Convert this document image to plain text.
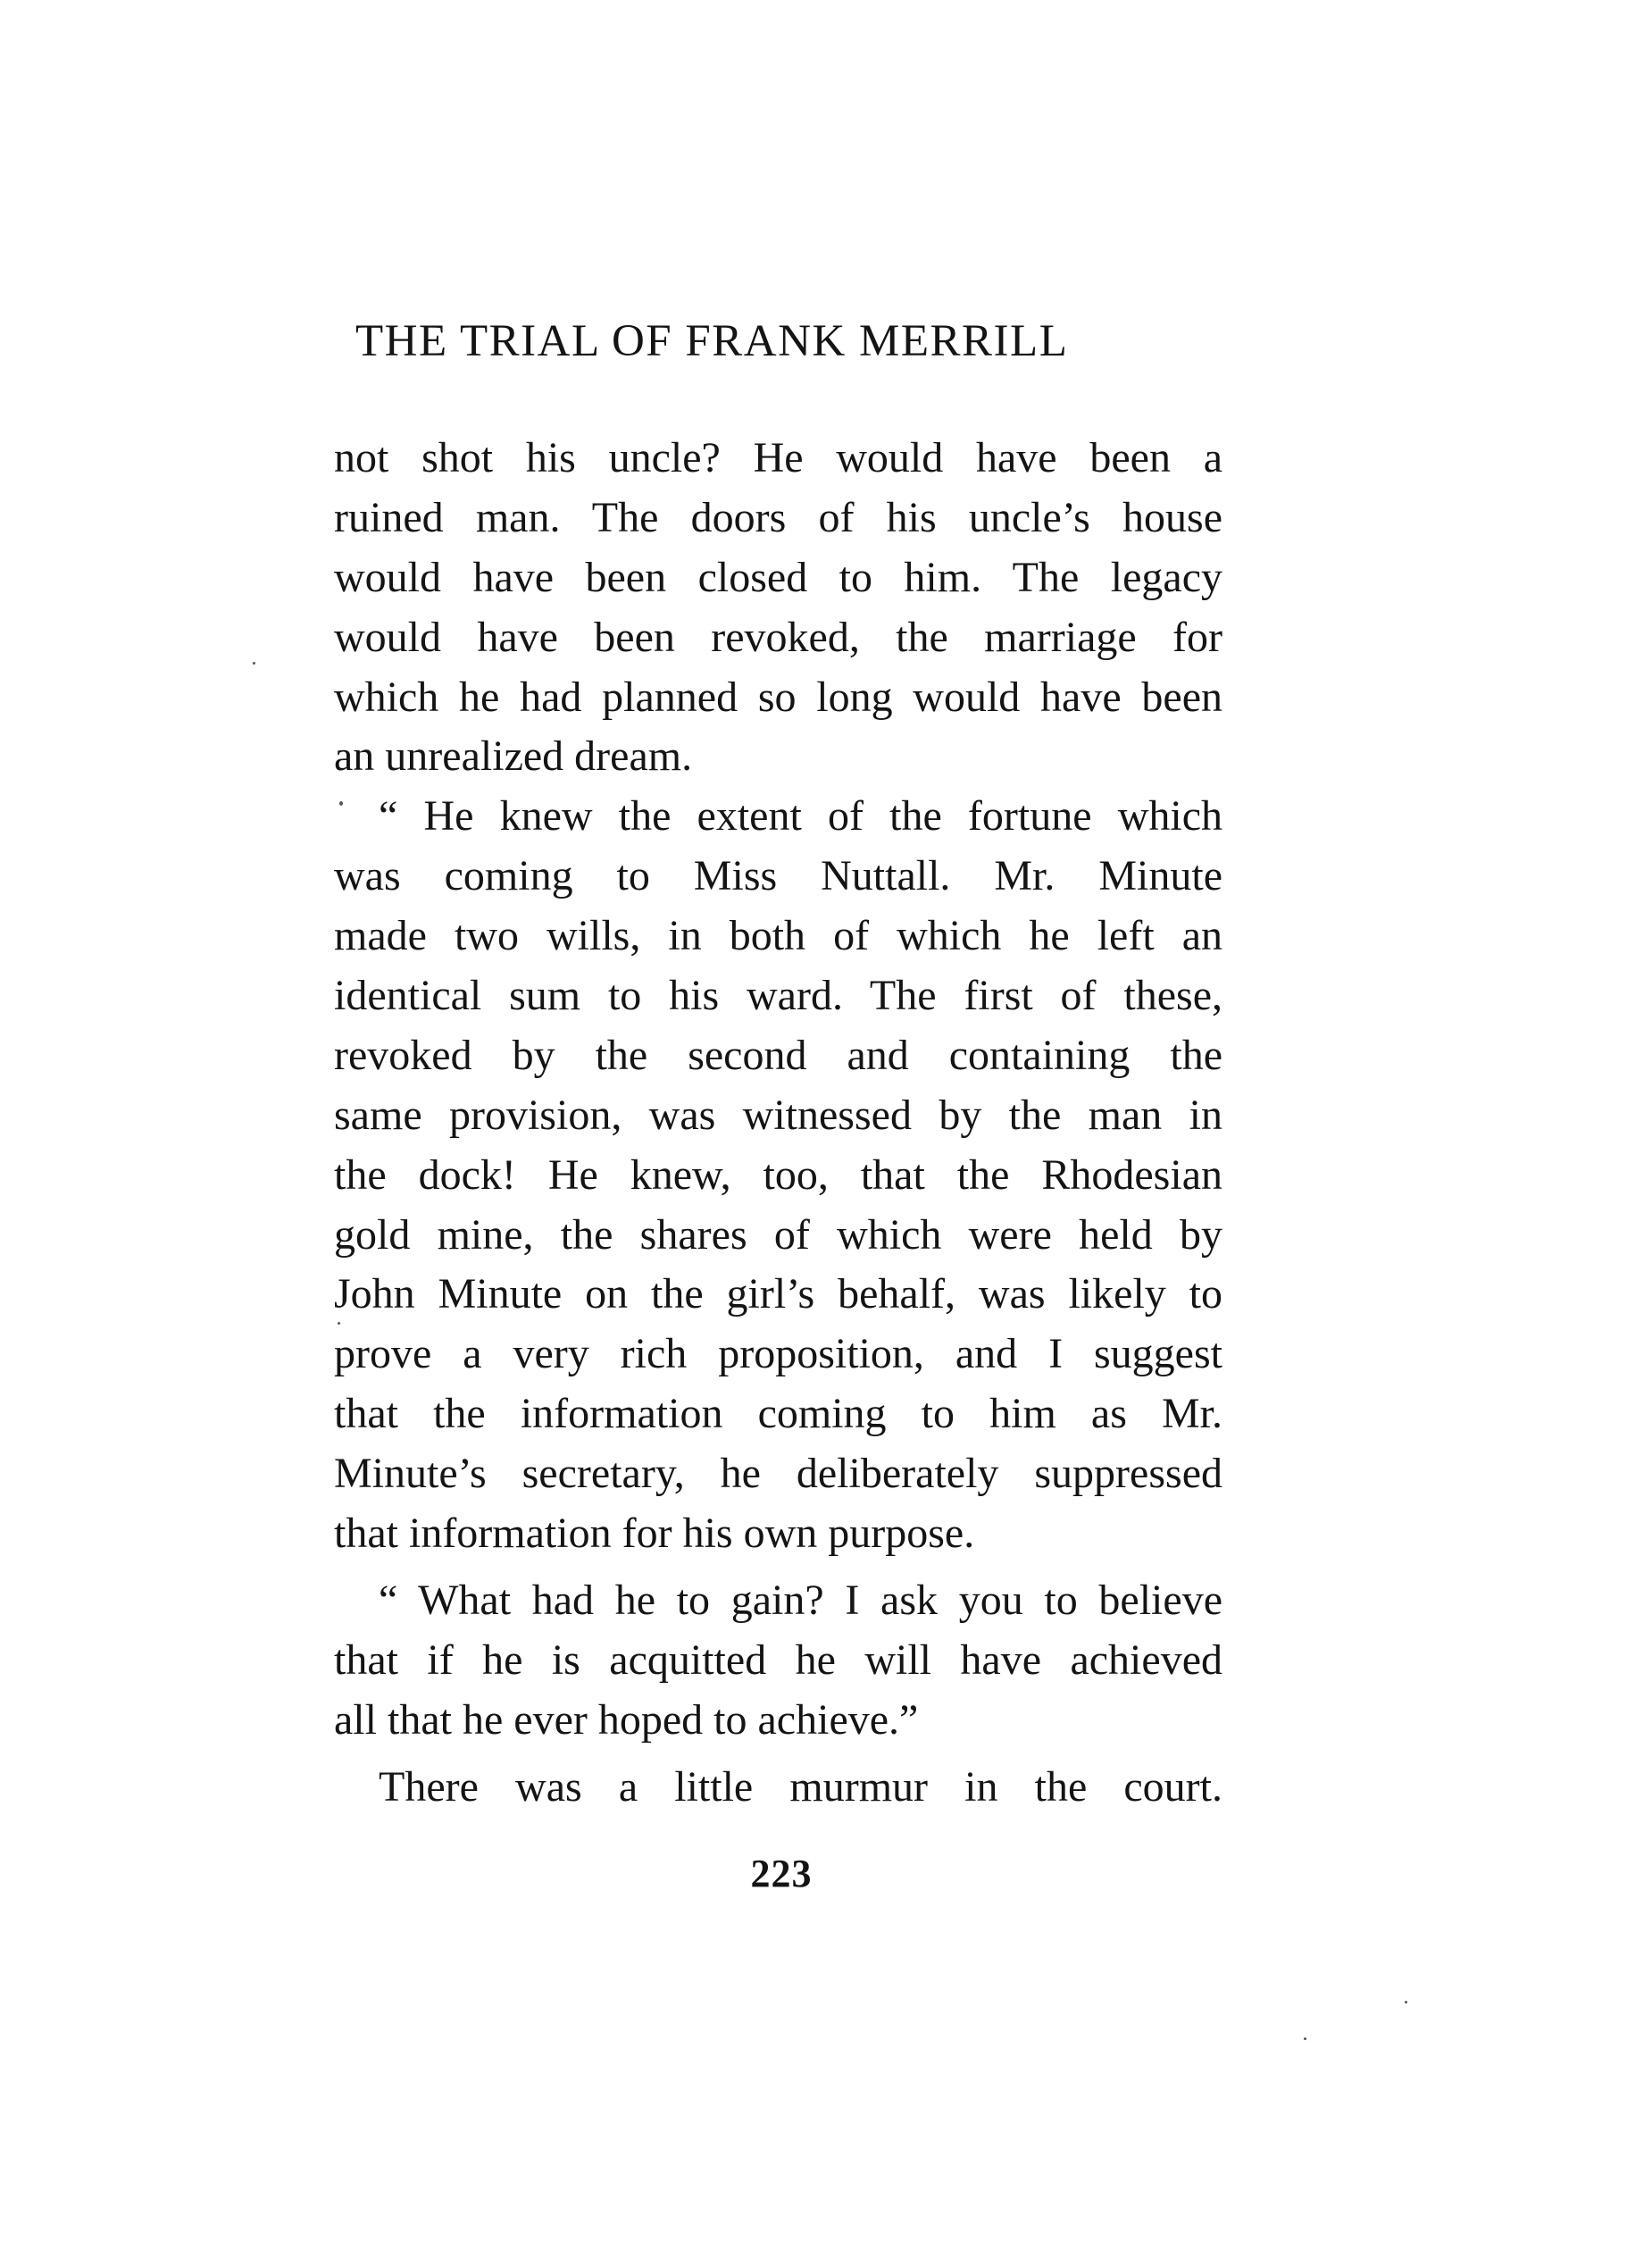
THE TRIAL OF FRANK MERRILL
not shot his uncle? He would have been a
ruined man. The doors of his uncle’s house
would have been closed to him. The legacy
would have been revoked, the marriage for
which he had planned so long would have been
an unrealized dream.
“ He knew the extent of the fortune which
was coming to Miss Nuttall. Mr. Minute
made two wills, in both of which he left an
identical sum to his ward. The first of these,
revoked by the second and containing the
same provision, was witnessed by the man in
the dock! He knew, too, that the Rhodesian
gold mine, the shares of which were held by
John Minute on the girl’s behalf, was likely to
prove a very rich proposition, and I suggest
that the information coming to him as Mr.
Minute’s secretary, he deliberately suppressed
that information for his own purpose.
“ What had he to gain? I ask you to believe
that if he is acquitted he will have achieved
all that he ever hoped to achieve.”
There was a little murmur in the court.
223
